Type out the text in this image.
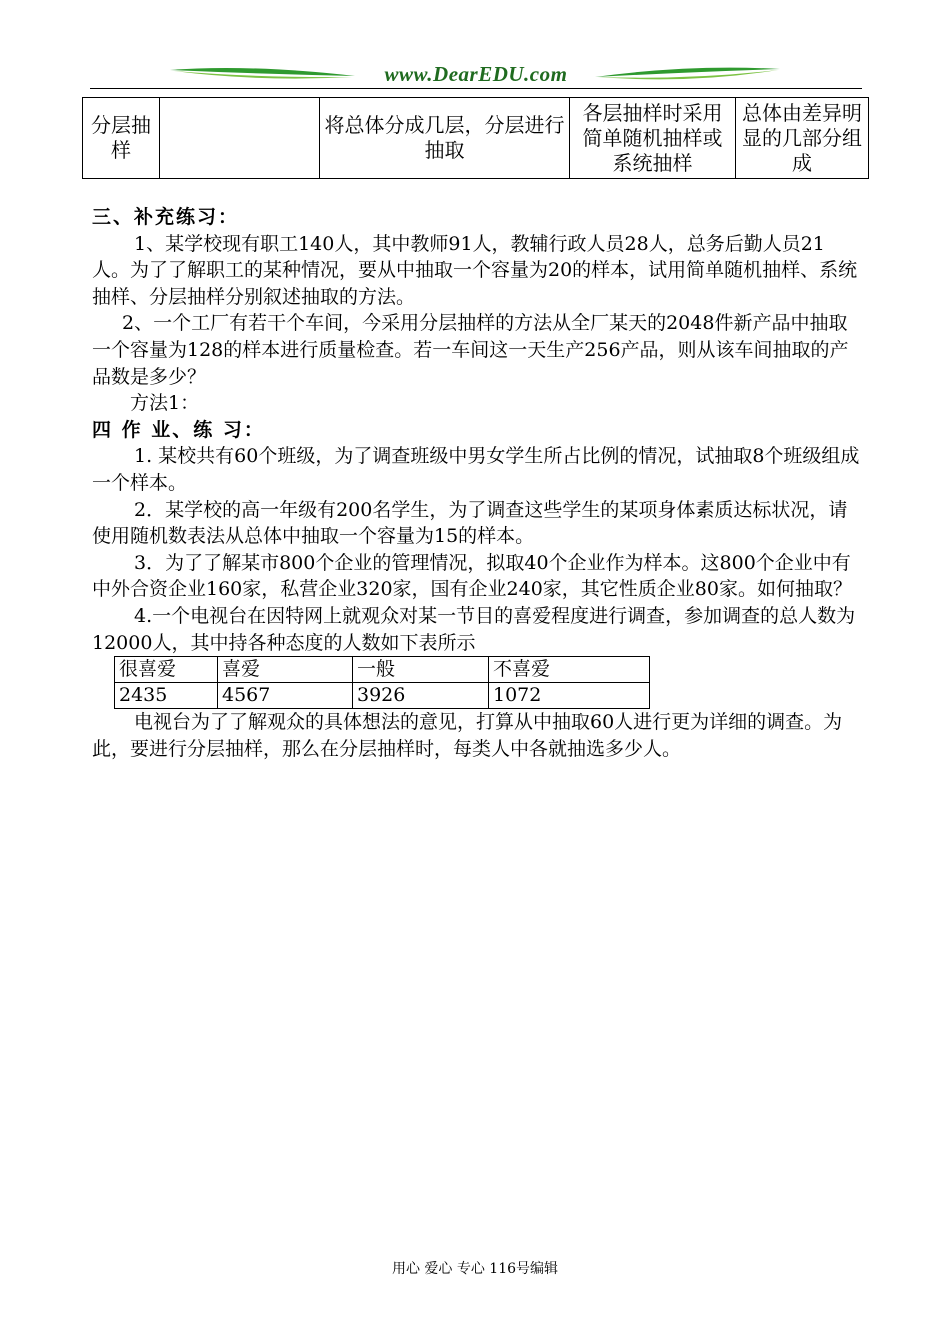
www.DearEDU.com
分层抽样		将总体分成几层，分层进行抽取	各层抽样时采用简单随机抽样或系统抽样	总体由差异明显的几部分组成

三、补充练习：

1、某学校现有职工140人，其中教师91人，教辅行政人员28人，总务后勤人员21人。为了了解职工的某种情况，要从中抽取一个容量为20的样本，试用简单随机抽样、系统抽样、分层抽样分别叙述抽取的方法。

2、一个工厂有若干个车间，今采用分层抽样的方法从全厂某天的2048件新产品中抽取一个容量为128的样本进行质量检查。若一车间这一天生产256产品，则从该车间抽取的产品数是多少？

方法1：

四 作 业、练 习：

1. 某校共有60个班级，为了调查班级中男女学生所占比例的情况，试抽取8个班级组成一个样本。

2．某学校的高一年级有200名学生，为了调查这些学生的某项身体素质达标状况，请使用随机数表法从总体中抽取一个容量为15的样本。

3．为了了解某市800个企业的管理情况，拟取40个企业作为样本。这800个企业中有中外合资企业160家，私营企业320家，国有企业240家，其它性质企业80家。如何抽取？

4.一个电视台在因特网上就观众对某一节目的喜爱程度进行调查，参加调查的总人数为12000人，其中持各种态度的人数如下表所示

很喜爱	喜爱	一般	不喜爱
2435	4567	3926	1072

电视台为了了解观众的具体想法的意见，打算从中抽取60人进行更为详细的调查。为此，要进行分层抽样，那么在分层抽样时，每类人中各就抽选多少人。

用心 爱心 专心 116号编辑
